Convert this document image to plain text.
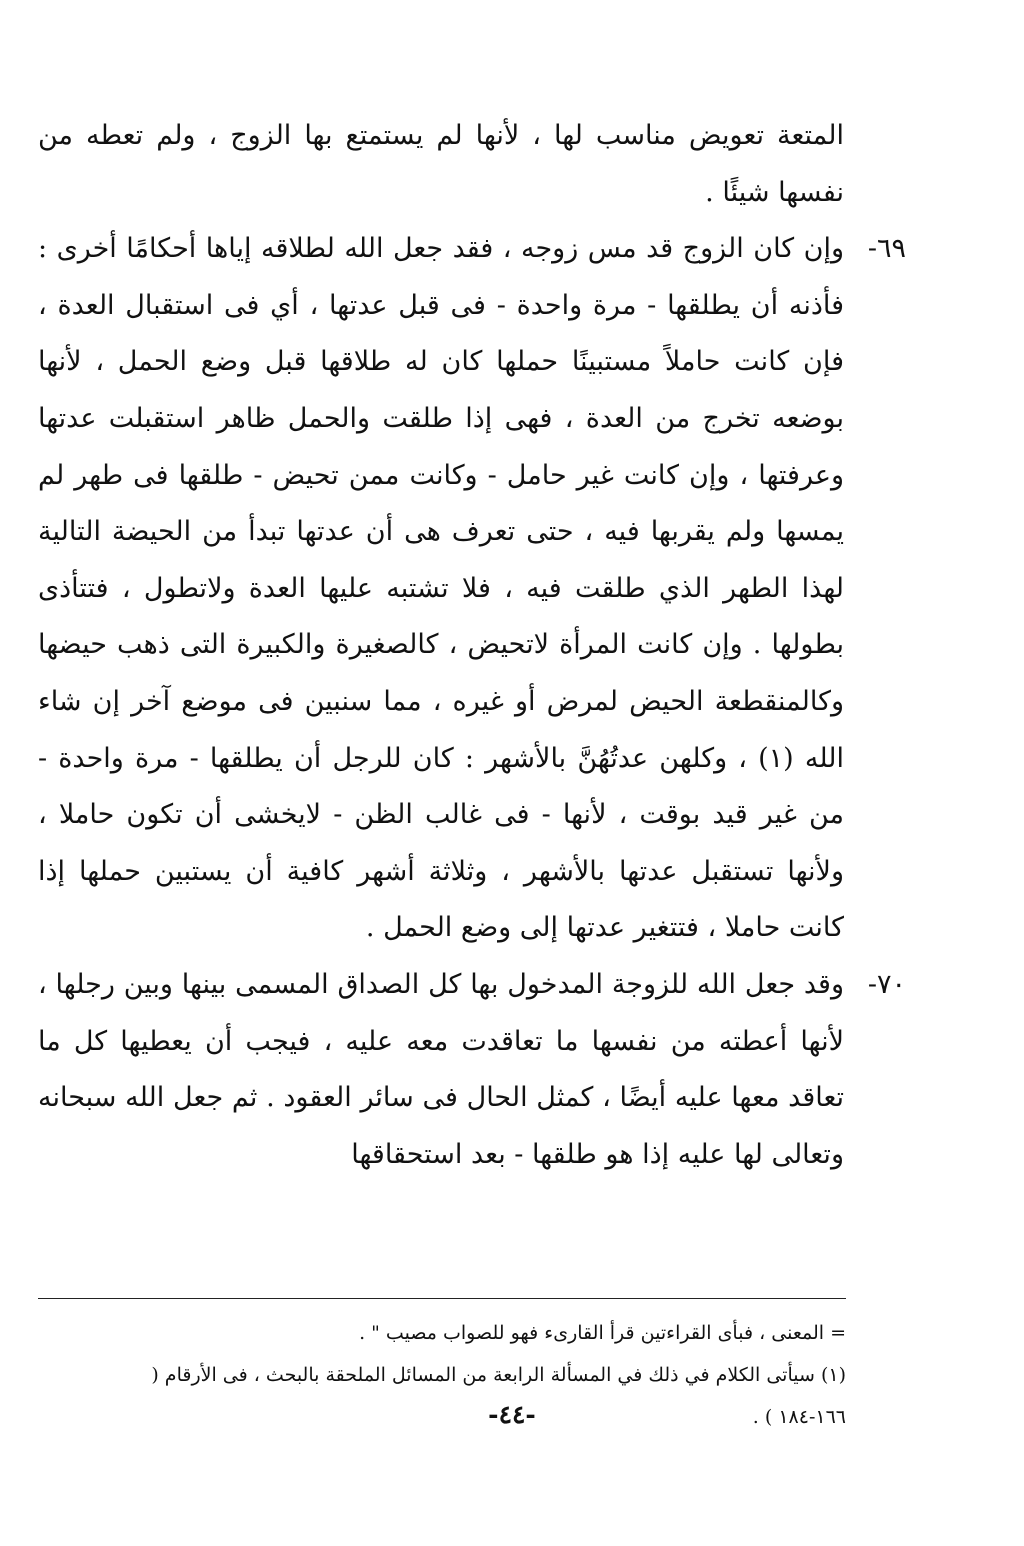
المتعة تعويض مناسب لها ، لأنها لم يستمتع بها الزوج ، ولم تعطه من نفسها شيئًا .

٦٩-
وإن كان الزوج قد مس زوجه ، فقد جعل الله لطلاقه إياها أحكامًا أخرى : فأذنه أن يطلقها - مرة واحدة - فى قبل عدتها ، أي فى استقبال العدة ، فإن كانت حاملاً مستبينًا حملها كان له طلاقها قبل وضع الحمل ، لأنها بوضعه تخرج من العدة ، فهى إذا طلقت والحمل ظاهر استقبلت عدتها وعرفتها ، وإن كانت غير حامل - وكانت ممن تحيض - طلقها فى طهر لم يمسها ولم يقربها فيه ، حتى تعرف هى أن عدتها تبدأ من الحيضة التالية لهذا الطهر الذي طلقت فيه ، فلا تشتبه عليها العدة ولاتطول ، فتتأذى بطولها . وإن كانت المرأة لاتحيض ، كالصغيرة والكبيرة التى ذهب حيضها وكالمنقطعة الحيض لمرض أو غيره ، مما سنبين فى موضع آخر إن شاء الله (١) ، وكلهن عدتُهُنَّ بالأشهر : كان للرجل أن يطلقها - مرة واحدة - من غير قيد بوقت ، لأنها - فى غالب الظن - لايخشى أن تكون حاملا ، ولأنها تستقبل عدتها بالأشهر ، وثلاثة أشهر كافية أن يستبين حملها إذا كانت حاملا ، فتتغير عدتها إلى وضع الحمل .

٧٠-
وقد جعل الله للزوجة المدخول بها كل الصداق المسمى بينها وبين رجلها ، لأنها أعطته من نفسها ما تعاقدت معه عليه ، فيجب أن يعطيها كل ما تعاقد معها عليه أيضًا ، كمثل الحال فى سائر العقود . ثم جعل الله سبحانه وتعالى لها عليه إذا هو طلقها - بعد استحقاقها

= المعنى ، فبأى القراءتين قرأ القارىء فهو للصواب مصيب " .

(١) سيأتى الكلام في ذلك في المسألة الرابعة من المسائل الملحقة بالبحث ، فى الأرقام ( ١٦٦-١٨٤ ) .

-٤٤-
